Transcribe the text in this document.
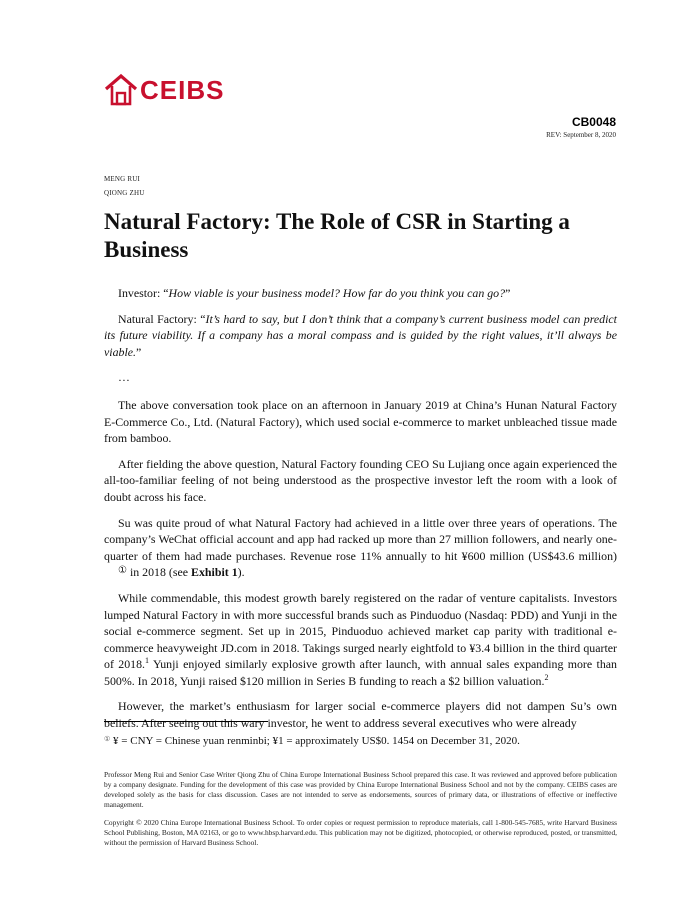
CEIBS
CB0048
REV: September 8, 2020
MENG RUI
QIONG ZHU
Natural Factory: The Role of CSR in Starting a Business

Investor: “How viable is your business model? How far do you think you can go?”

Natural Factory: “It’s hard to say, but I don’t think that a company’s current business model can predict its future viability. If a company has a moral compass and is guided by the right values, it’ll always be viable.”

…

The above conversation took place on an afternoon in January 2019 at China’s Hunan Natural Factory E-Commerce Co., Ltd. (Natural Factory), which used social e-commerce to market unbleached tissue made from bamboo.

After fielding the above question, Natural Factory founding CEO Su Lujiang once again experienced the all-too-familiar feeling of not being understood as the prospective investor left the room with a look of doubt across his face.

Su was quite proud of what Natural Factory had achieved in a little over three years of operations. The company’s WeChat official account and app had racked up more than 27 million followers, and nearly one-quarter of them had made purchases. Revenue rose 11% annually to hit ¥600 million (US$43.6 million)① in 2018 (see Exhibit 1).

While commendable, this modest growth barely registered on the radar of venture capitalists. Investors lumped Natural Factory in with more successful brands such as Pinduoduo (Nasdaq: PDD) and Yunji in the social e-commerce segment. Set up in 2015, Pinduoduo achieved market cap parity with traditional e-commerce heavyweight JD.com in 2018. Takings surged nearly eightfold to ¥3.4 billion in the third quarter of 2018.$^1$ Yunji enjoyed similarly explosive growth after launch, with annual sales expanding more than 500%. In 2018, Yunji raised $120 million in Series B funding to reach a $2 billion valuation.$^2$

However, the market’s enthusiasm for larger social e-commerce players did not dampen Su’s own beliefs. After seeing out this wary investor, he went to address several executives who were already

① ¥ = CNY = Chinese yuan renminbi; ¥1 = approximately US$0. 1454 on December 31, 2020.
Professor Meng Rui and Senior Case Writer Qiong Zhu of China Europe International Business School prepared this case. It was reviewed and approved before publication by a company designate. Funding for the development of this case was provided by China Europe International Business School and not by the company. CEIBS cases are developed solely as the basis for class discussion. Cases are not intended to serve as endorsements, sources of primary data, or illustrations of effective or ineffective management.
Copyright © 2020 China Europe International Business School. To order copies or request permission to reproduce materials, call 1-800-545-7685, write Harvard Business School Publishing, Boston, MA 02163, or go to www.hbsp.harvard.edu. This publication may not be digitized, photocopied, or otherwise reproduced, posted, or transmitted, without the permission of Harvard Business School.
